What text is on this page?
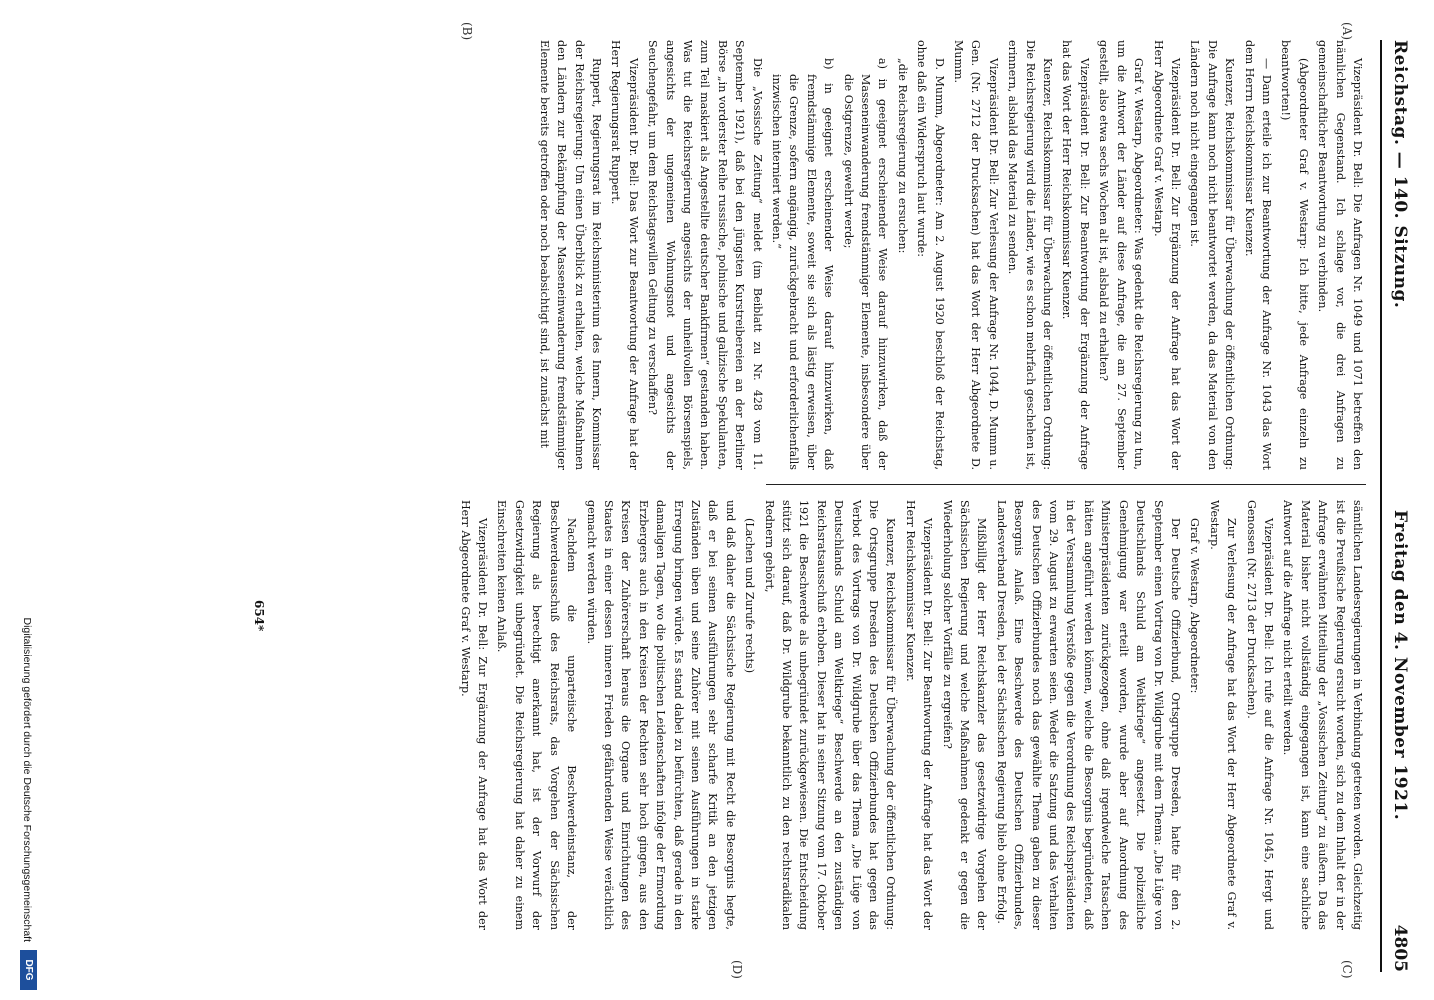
Reichstag. — 140. Sitzung.
Freitag den 4. November 1921.
4805
(A)
(B)
(C)
(D)

Vizepräsident Dr. Bell: Die Anfragen Nr. 1049 und 1071 betreffen den nämlichen Gegenstand. Ich schlage vor, die drei Anfragen zu gemeinschaftlicher Beantwortung zu verbinden.

(Abgeordneter Graf v. Westarp: Ich bitte, jede Anfrage einzeln zu beantworten!)

— Dann erteile ich zur Beantwortung der Anfrage Nr. 1043 das Wort dem Herrn Reichskommissar Kuenzer.

Kuenzer, Reichskommissar für Überwachung der öffentlichen Ordnung: Die Anfrage kann noch nicht beantwortet werden, da das Material von den Ländern noch nicht eingegangen ist.

Vizepräsident Dr. Bell: Zur Ergänzung der Anfrage hat das Wort der Herr Abgeordnete Graf v. Westarp.

Graf v. Westarp, Abgeordneter: Was gedenkt die Reichsregierung zu tun, um die Antwort der Länder auf diese Anfrage, die am 27. September gestellt, also etwa sechs Wochen alt ist, alsbald zu erhalten?

Vizepräsident Dr. Bell: Zur Beantwortung der Ergänzung der Anfrage hat das Wort der Herr Reichskommissar Kuenzer.

Kuenzer, Reichskommissar für Überwachung der öffentlichen Ordnung: Die Reichsregierung wird die Länder, wie es schon mehrfach geschehen ist, erinnern, alsbald das Material zu senden.

Vizepräsident Dr. Bell: Zur Verlesung der Anfrage Nr. 1044, D. Mumm u. Gen. (Nr. 2712 der Drucksachen) hat das Wort der Herr Abgeordnete D. Mumm.

D. Mumm, Abgeordneter: Am 2. August 1920 beschloß der Reichstag, ohne daß ein Widerspruch laut wurde:

„die Reichsregierung zu ersuchen:

a) in geeignet erscheinender Weise darauf hinzuwirken, daß der Masseneinwanderung fremdstämmiger Elemente, insbesondere über die Ostgrenze, gewehrt werde;

b) in geeignet erscheinender Weise darauf hinzuwirken, daß fremdstämmige Elemente, soweit sie sich als lästig erweisen, über die Grenze, sofern angängig, zurückgebracht und erforderlichenfalls inzwischen interniert werden.“

Die „Vossische Zeitung“ meldet (im Beiblatt zu Nr. 428 vom 11. September 1921), daß bei den jüngsten Kurstreibereien an der Berliner Börse „in vorderster Reihe russische, polnische und galizische Spekulanten, zum Teil maskiert als Angestellte deutscher Bankfirmen“ gestanden haben. Was tut die Reichsregierung angesichts der unheilvollen Börsenspiels, angesichts der ungemeinen Wohnungsnot und angesichts der Seuchengefahr, um dem Reichstagswillen Geltung zu verschaffen?

Vizepräsident Dr. Bell: Das Wort zur Beantwortung der Anfrage hat der Herr Regierungsrat Ruppert.

Ruppert, Regierungsrat im Reichsministerium des Innern, Kommissar der Reichsregierung: Um einen Überblick zu erhalten, welche Maßnahmen den Ländern zur Bekämpfung der Masseneinwanderung fremdstämmiger Elemente bereits getroffen oder noch beabsichtigt sind, ist zunächst mit

sämtlichen Landesregierungen in Verbindung getreten worden. Gleichzeitig ist die Preußische Regierung ersucht worden, sich zu dem Inhalt der in der Anfrage erwähnten Mitteilung der „Vossischen Zeitung“ zu äußern. Da das Material bisher nicht vollständig eingegangen ist, kann eine sachliche Antwort auf die Anfrage nicht erteilt werden.

Vizepräsident Dr. Bell: Ich rufe auf die Anfrage Nr. 1045, Hergt und Genossen (Nr. 2713 der Drucksachen).

Zur Verlesung der Anfrage hat das Wort der Herr Abgeordnete Graf v. Westarp.

Graf v. Westarp, Abgeordneter:

Der Deutsche Offizierbund, Ortsgruppe Dresden, hatte für den 2. September einen Vortrag von Dr. Wildgrube mit dem Thema: „Die Lüge von Deutschlands Schuld am Weltkriege“ angesetzt. Die polizeiliche Genehmigung war erteilt worden, wurde aber auf Anordnung des Ministerpräsidenten zurückgezogen, ohne daß irgendwelche Tatsachen hätten angeführt werden können, welche die Besorgnis begründeten, daß in der Versammlung Verstöße gegen die Verordnung des Reichspräsidenten vom 29. August zu erwarten seien. Weder die Satzung und das Verhalten des Deutschen Offizierbundes noch das gewählte Thema gaben zu dieser Besorgnis Anlaß. Eine Beschwerde des Deutschen Offizierbundes, Landesverband Dresden, bei der Sächsischen Regierung blieb ohne Erfolg.

Mißbilligt der Herr Reichskanzler das gesetzwidrige Vorgehen der Sächsischen Regierung und welche Maßnahmen gedenkt er gegen die Wiederholung solcher Vorfälle zu ergreifen?

Vizepräsident Dr. Bell: Zur Beantwortung der Anfrage hat das Wort der Herr Reichskommissar Kuenzer.

Kuenzer, Reichskommissar für Überwachung der öffentlichen Ordnung: Die Ortsgruppe Dresden des Deutschen Offizierbundes hat gegen das Verbot des Vortrags von Dr. Wildgrube über das Thema „Die Lüge von Deutschlands Schuld am Weltkriege“ Beschwerde an den zuständigen Reichsratsausschuß erhoben. Dieser hat in seiner Sitzung vom 17. Oktober 1921 die Beschwerde als unbegründet zurückgewiesen. Die Entscheidung stützt sich darauf, daß Dr. Wildgrube bekanntlich zu den rechtsradikalen Rednern gehört,

(Lachen und Zurufe rechts)

und daß daher die Sächsische Regierung mit Recht die Besorgnis hegte, daß er bei seinen Ausführungen sehr scharfe Kritik an den jetzigen Zuständen üben und seine Zuhörer mit seinen Ausführungen in starke Erregung bringen würde. Es stand dabei zu befürchten, daß gerade in den damaligen Tagen, wo die politischen Leidenschaften infolge der Ermordung Erzbergers auch in den Kreisen der Rechten sehr hoch gingen, aus den Kreisen der Zuhörerschaft heraus die Organe und Einrichtungen des Staates in einer dessen inneren Frieden gefährdenden Weise verächtlich gemacht werden würden.

Nachdem die unparteiische Beschwerdeinstanz, der Beschwerdeausschuß des Reichsrats, das Vorgehen der Sächsischen Regierung als berechtigt anerkannt hat, ist der Vorwurf der Gesetzwidrigkeit unbegründet. Die Reichsregierung hat daher zu einem Einschreiten keinen Anlaß.

Vizepräsident Dr. Bell: Zur Ergänzung der Anfrage hat das Wort der Herr Abgeordnete Graf v. Westarp.

654*
Digitalisierung gefördert durch die Deutsche Forschungsgemeinschaft
DFG
